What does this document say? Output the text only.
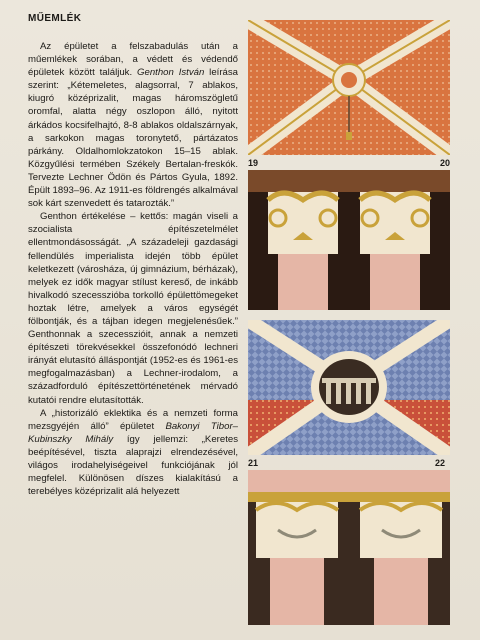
MŰEMLÉK

Az épületet a felszabadulás után a műemlékek sorában, a védett és védendő épületek között találjuk. Genthon István leírása szerint: „Kétemeletes, alagsorral, 7 ablakos, kiugró középrizalit, magas háromszögletű oromfal, alatta négy oszlopon álló, nyitott árkádos kocsifelhajtó, 8-8 ablakos oldalszárnyak, a sarkokon magas toronytető, pártázatos párkány. Oldalhomlokzatokon 15–15 ablak. Közgyűlési termében Székely Bertalan-freskók. Tervezte Lechner Ödön és Pártos Gyula, 1892. Épült 1893–96. Az 1911-es földrengés alkalmával sok kárt szenvedett és tatarozták.”

Genthon értékelése – kettős: magán viseli a szocialista építészetelmélet ellentmondásosságát. „A századeleji gazdasági fellendülés imperialista idején több épület keletkezett (városháza, új gimnázium, bérházak), melyek ez idők magyar stílust kereső, de inkább hivalkodó szecesszióba torkolló épülettömegeket hoztak létre, amelyek a város egységét fölbontják, és a tájban idegen megjelenésűek.” Genthonnak a szecesszióit, annak a nemzeti építészeti törekvésekkel összefonódó lechneri irányát elutasító álláspontját (1952-es és 1961-es megfogalmazásban) a Lechner-irodalom, a századforduló építészettörténetének mérvadó kutatói rendre elutasították.

A „historizáló eklektika és a nemzeti forma mezsgyéjén álló” épületet Bakonyi Tibor–Kubinszky Mihály így jellemzi: „Keretes beépítésével, tiszta alaprajzi elrendezésével, világos irodahelyiségeivel funkciójának jól megfelel. Különösen díszes kialakítású a terebélyes középrizalit alá helyezett

19	20
21	22
